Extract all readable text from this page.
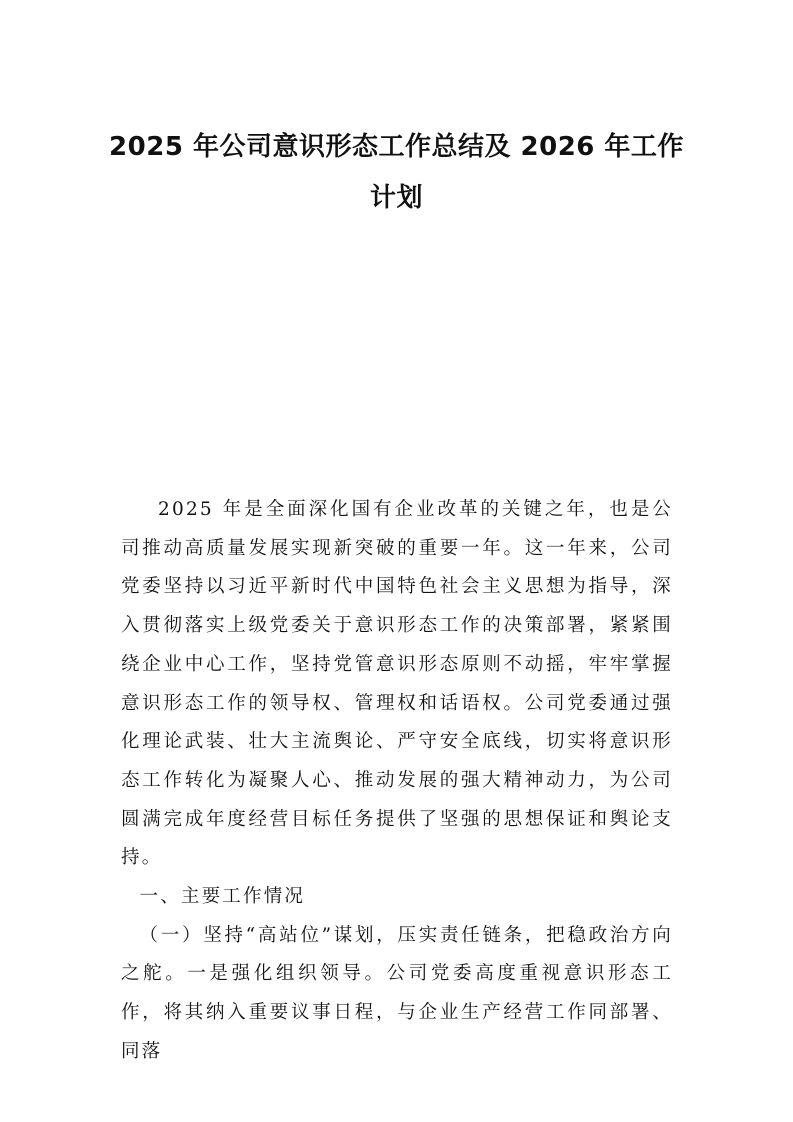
2025 年公司意识形态工作总结及 2026 年工作计划

2025 年是全面深化国有企业改革的关键之年，也是公司推动高质量发展实现新突破的重要一年。这一年来，公司党委坚持以习近平新时代中国特色社会主义思想为指导，深入贯彻落实上级党委关于意识形态工作的决策部署，紧紧围绕企业中心工作，坚持党管意识形态原则不动摇，牢牢掌握意识形态工作的领导权、管理权和话语权。公司党委通过强化理论武装、壮大主流舆论、严守安全底线，切实将意识形态工作转化为凝聚人心、推动发展的强大精神动力，为公司圆满完成年度经营目标任务提供了坚强的思想保证和舆论支持。

一、主要工作情况

（一）坚持“高站位”谋划，压实责任链条，把稳政治方向之舵。一是强化组织领导。公司党委高度重视意识形态工作，将其纳入重要议事日程，与企业生产经营工作同部署、同落
